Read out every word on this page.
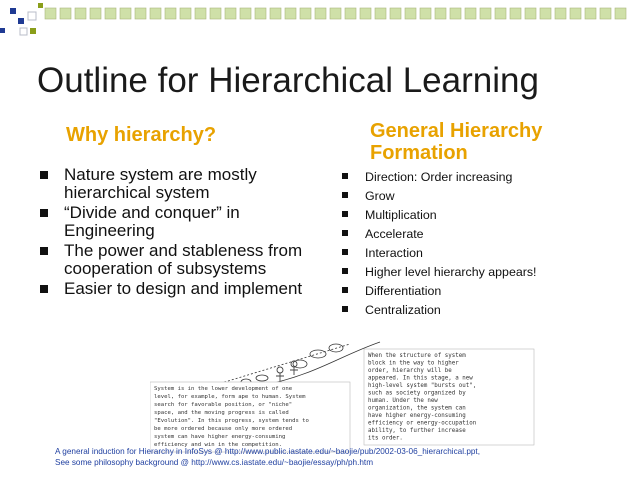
Outline for Hierarchical Learning
Why hierarchy?	General Hierarchy Formation
Nature system are mostly hierarchical system
“Divide and conquer” in Engineering
The power and stableness from cooperation of subsystems
Easier to design and implement
Direction: Order increasing
Grow
Multiplication
Accelerate
Interaction
Higher level hierarchy appears!
Differentiation
Centralization
System is in the lower development of one
level, for example, form ape to human. System
search for favorable position, or "niche"
space, and the moving progress is called
"Evolution". In this progress, system tends to
be more ordered because only more ordered
system can have higher energy-consuming
efficiency and win in the competition.
When the structure of system
block in the way to higher
order, hierarchy will be
appeared. In this stage, a new
high-level system "bursts out",
such as society organized by
human. Under the new
organization, the system can
have higher energy-consuming
efficiency or energy-occupation
ability, to further increase
its order.
A general induction for Hierarchy in InfoSys @ http://www.public.iastate.edu/~baojie/pub/2002-03-06_hierarchical.ppt,
See some philosophy background @ http://www.cs.iastate.edu/~baojie/essay/ph/ph.htm
